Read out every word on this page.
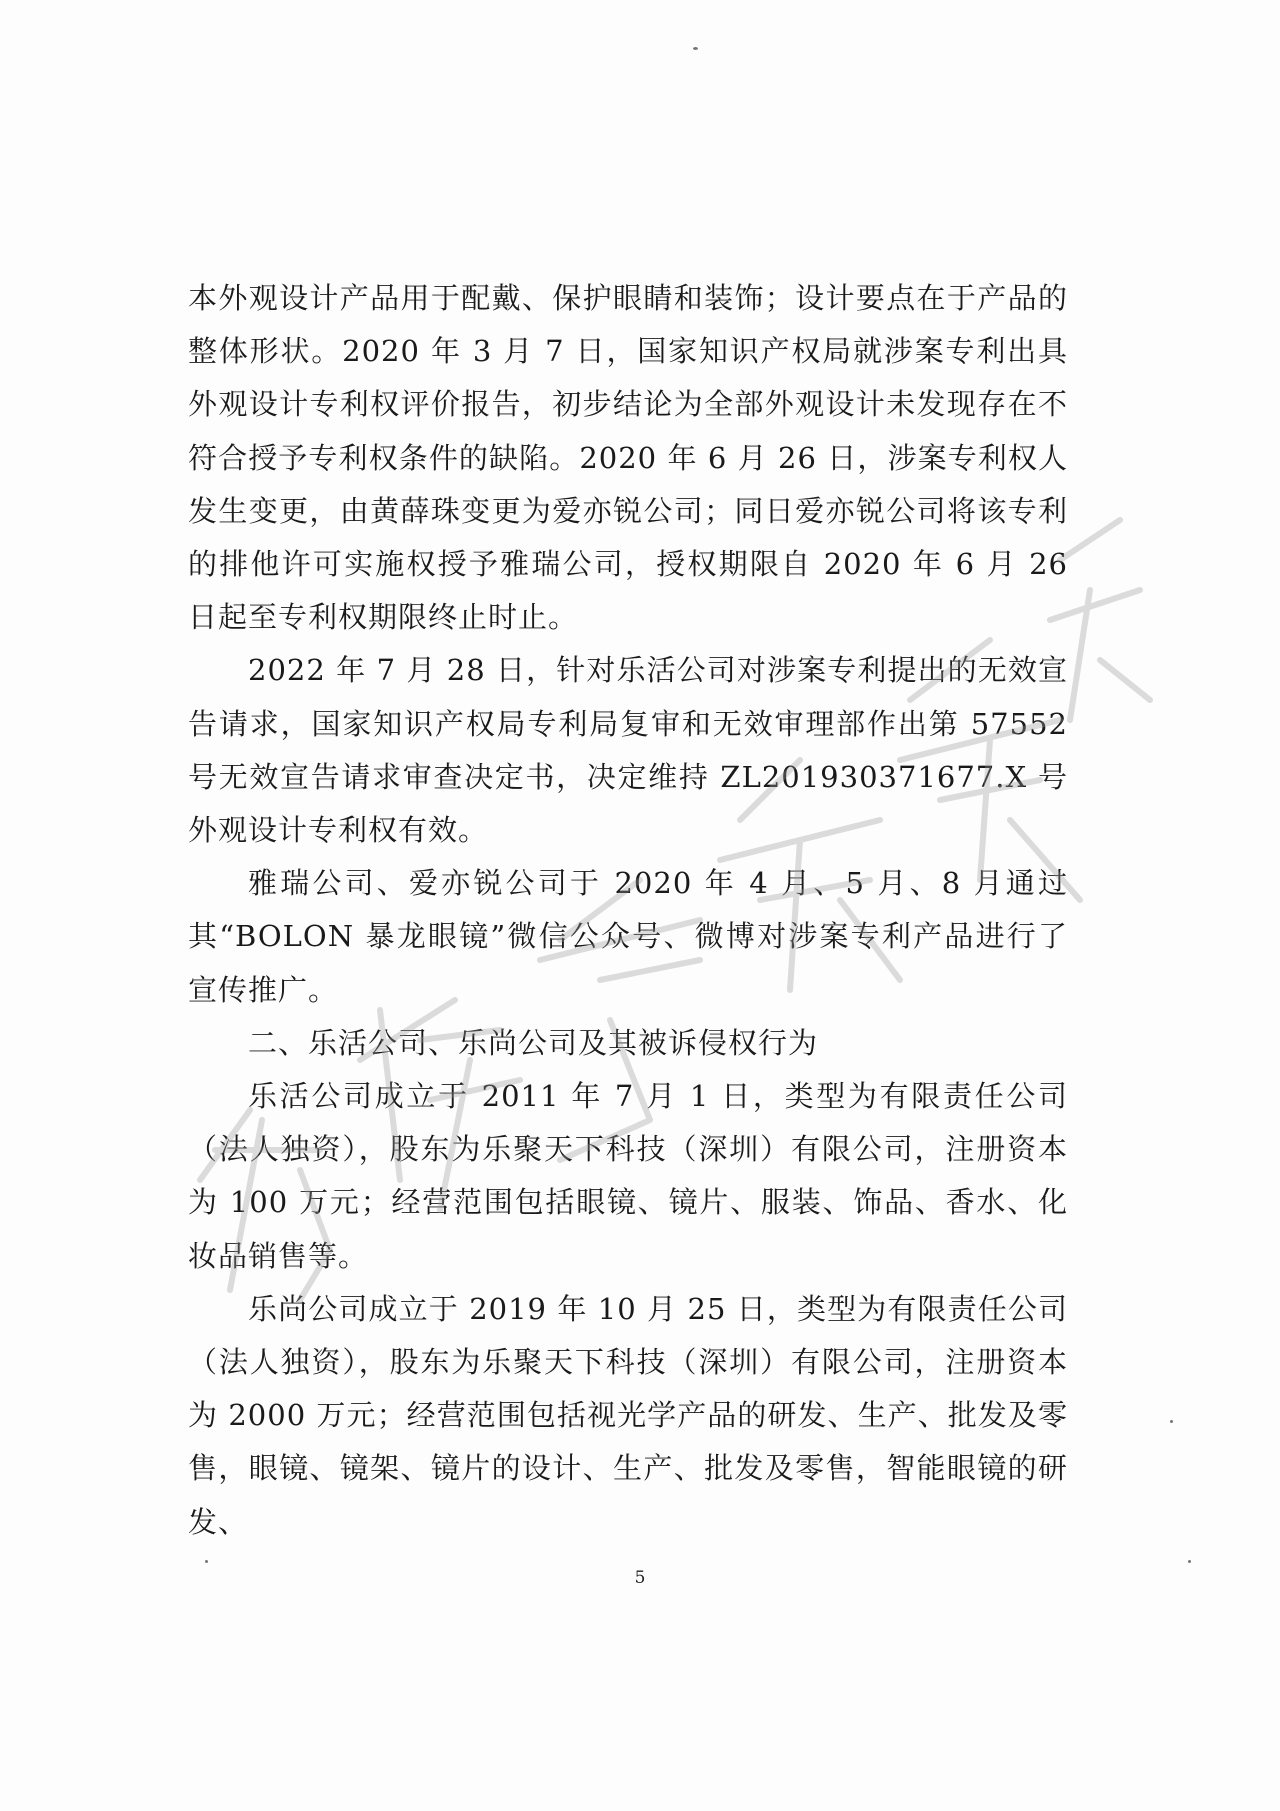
本外观设计产品用于配戴、保护眼睛和装饰；设计要点在于产品的整体形状。2020 年 3 月 7 日，国家知识产权局就涉案专利出具外观设计专利权评价报告，初步结论为全部外观设计未发现存在不符合授予专利权条件的缺陷。2020 年 6 月 26 日，涉案专利权人发生变更，由黄薛珠变更为爱亦锐公司；同日爱亦锐公司将该专利的排他许可实施权授予雅瑞公司，授权期限自 2020 年 6 月 26 日起至专利权期限终止时止。

2022 年 7 月 28 日，针对乐活公司对涉案专利提出的无效宣告请求，国家知识产权局专利局复审和无效审理部作出第 57552 号无效宣告请求审查决定书，决定维持 ZL201930371677.X 号外观设计专利权有效。

雅瑞公司、爱亦锐公司于 2020 年 4 月、5 月、8 月通过其“BOLON 暴龙眼镜”微信公众号、微博对涉案专利产品进行了宣传推广。

二、乐活公司、乐尚公司及其被诉侵权行为

乐活公司成立于 2011 年 7 月 1 日，类型为有限责任公司（法人独资），股东为乐聚天下科技（深圳）有限公司，注册资本为 100 万元；经营范围包括眼镜、镜片、服装、饰品、香水、化妆品销售等。

乐尚公司成立于 2019 年 10 月 25 日，类型为有限责任公司（法人独资），股东为乐聚天下科技（深圳）有限公司，注册资本为 2000 万元；经营范围包括视光学产品的研发、生产、批发及零售，眼镜、镜架、镜片的设计、生产、批发及零售，智能眼镜的研发、

5
